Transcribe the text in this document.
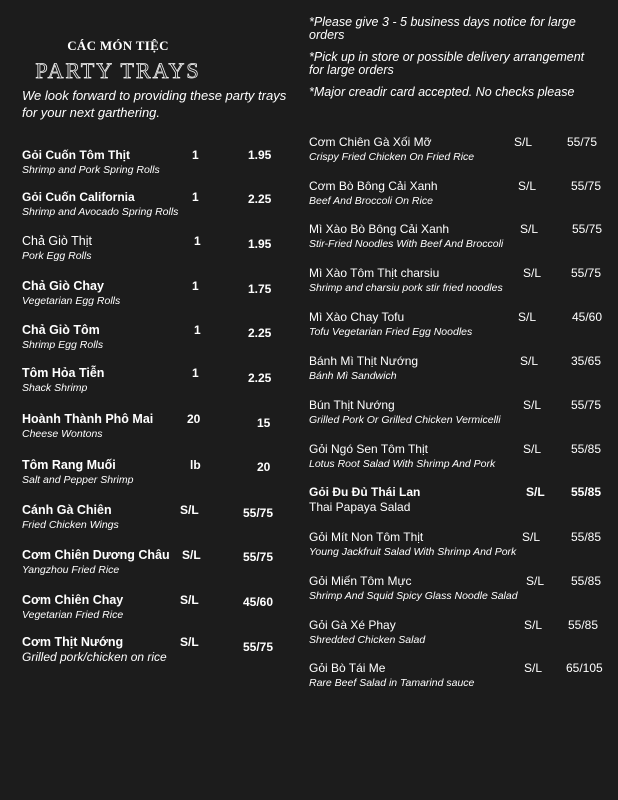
CÁC MÓN TIỆC
PARTY TRAYS
We look forward to providing these party trays for your next garthering.

*Please give 3 - 5 business days notice for large orders

*Pick up in store or possible delivery arrangement for large orders

*Major creadir card accepted. No checks please

Gỏi Cuốn Tôm Thịt
Shrimp and Pork Spring Rolls
1	1.95
Gỏi Cuốn California
Shrimp and Avocado Spring Rolls
1	2.25
Chả Giò Thịt
Pork Egg Rolls
1	1.95
Chả Giò Chay
Vegetarian Egg Rolls
1	1.75
Chả Giò Tôm
Shrimp Egg Rolls
1	2.25
Tôm Hỏa Tiễn
Shack Shrimp
1	2.25
Hoành Thành Phô Mai
Cheese Wontons
20	15
Tôm Rang Muối
Salt and Pepper Shrimp
lb	20
Cánh Gà Chiên
Fried Chicken Wings
S/L	55/75
Cơm Chiên Dương Châu
Yangzhou Fried Rice
S/L	55/75
Cơm Chiên Chay
Vegetarian Fried Rice
S/L	45/60
Cơm Thịt Nướng
Grilled pork/chicken on rice
S/L	55/75
Cơm Chiên Gà Xối Mỡ
Crispy Fried Chicken On Fried Rice
S/L	55/75
Cơm Bò Bông Cải Xanh
Beef And Broccoli On Rice
S/L	55/75
Mì Xào Bò Bông Cải Xanh
Stir-Fried Noodles With Beef And Broccoli
S/L	55/75
Mì Xào Tôm Thịt charsiu
Shrimp and charsiu pork stir fried noodles
S/L 55/75
Mì Xào Chay Tofu
Tofu Vegetarian Fried Egg Noodles
S/L	45/60
Bánh Mì Thịt Nướng
Bánh Mì Sandwich
S/L	35/65
Bún Thịt Nướng
Grilled Pork Or Grilled Chicken Vermicelli
S/L 55/75
Gỏi Ngó Sen Tôm Thịt
Lotus Root Salad With Shrimp And Pork
S/L 55/85
Gỏi Đu Đủ Thái Lan
Thai Papaya Salad
S/L 55/85
Gỏi Mít Non Tôm Thịt
Young Jackfruit Salad With Shrimp And Pork
S/L	55/85
Gỏi Miến Tôm Mực
Shrimp And Squid Spicy Glass Noodle Salad
S/L 55/85
Gỏi Gà Xé Phay
Shredded Chicken Salad
S/L 55/85
Gỏi Bò Tái Me
Rare Beef Salad in Tamarind sauce
S/L 65/105
